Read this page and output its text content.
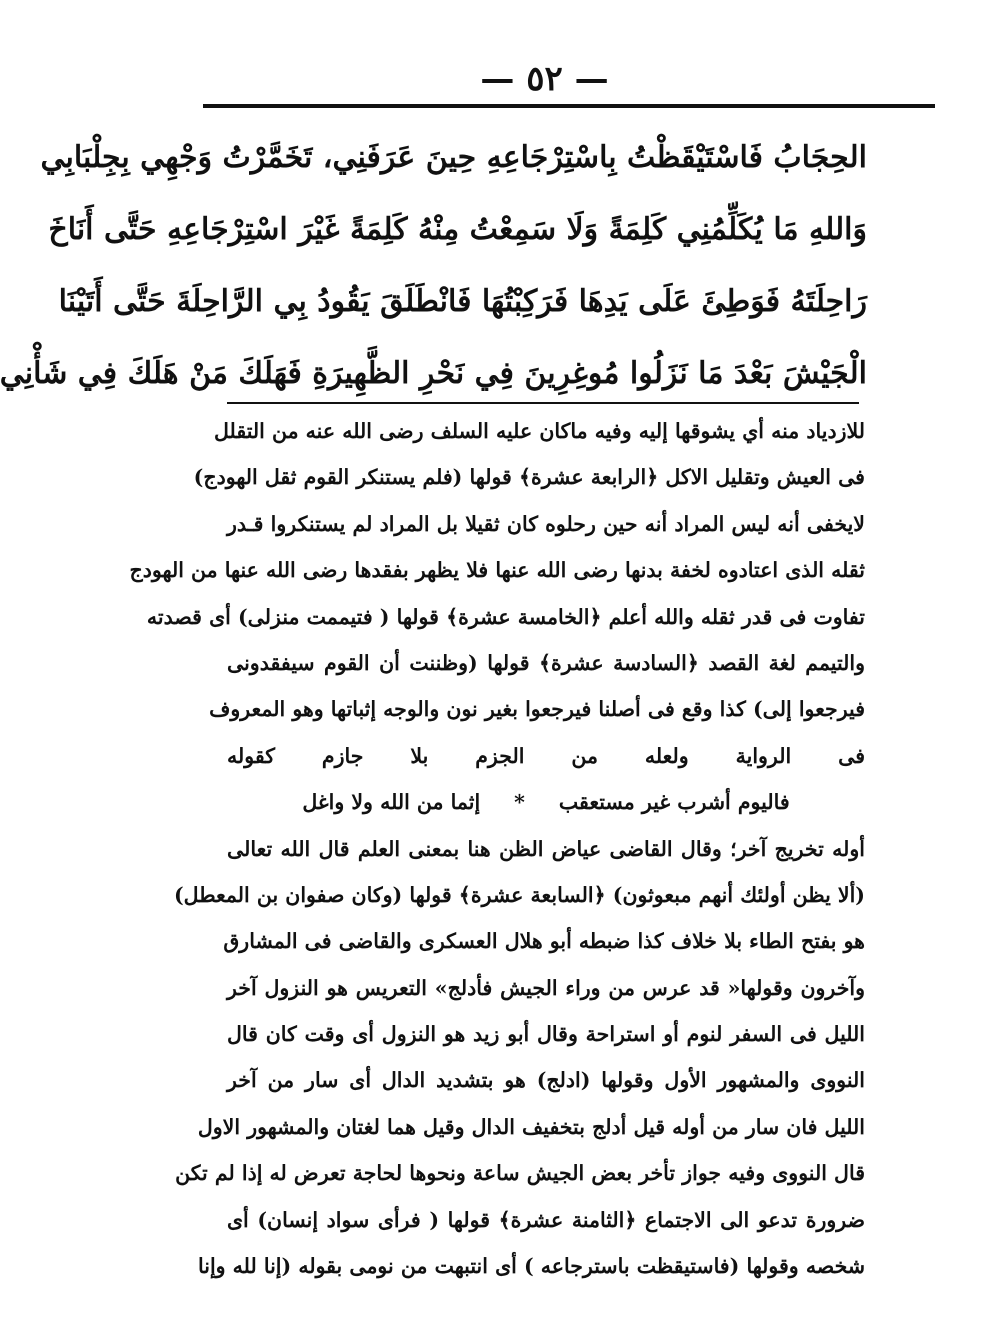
— ٥٢ —
الحِجَابُ فَاسْتَيْقَظْتُ بِاسْتِرْجَاعِهِ حِينَ عَرَفَنِي، تَخَمَّرْتُ وَجْهِي بِجِلْبَابِي
وَاللهِ مَا يُكَلِّمُنِي كَلِمَةً وَلَا سَمِعْتُ مِنْهُ كَلِمَةً غَيْرَ اسْتِرْجَاعِهِ حَتَّى أَنَاخَ
رَاحِلَتَهُ فَوَطِئَ عَلَى يَدِهَا فَرَكِبْتُهَا فَانْطَلَقَ يَقُودُ بِي الرَّاحِلَةَ حَتَّى أَتَيْنَا
الْجَيْشَ بَعْدَ مَا نَزَلُوا مُوغِرِينَ فِي نَحْرِ الظَّهِيرَةِ فَهَلَكَ مَنْ هَلَكَ فِي شَأْنِي
للازدياد منه أي يشوقها إليه وفيه ماكان عليه السلف رضى الله عنه من التقلل
فى العيش وتقليل الاكل ﴿الرابعة عشرة﴾ قولها (فلم يستنكر القوم ثقل الهودج)
لايخفى أنه ليس المراد أنه حين رحلوه كان ثقيلا بل المراد لم يستنكروا قـدر
ثقله الذى اعتادوه لخفة بدنها رضى الله عنها فلا يظهر بفقدها رضى الله عنها من الهودج
تفاوت فى قدر ثقله والله أعلم ﴿الخامسة عشرة﴾ قولها ( فتيممت منزلى) أى قصدته
والتيمم لغة القصد ﴿السادسة عشرة﴾ قولها (وظننت أن القوم سيفقدونى
فيرجعوا إلى) كذا وقع فى أصلنا فيرجعوا بغير نون والوجه إثباتها وهو المعروف
فى الرواية ولعله من الجزم بلا جازم كقوله
فاليوم أشرب غير مستعقب
*
إثما من الله ولا واغل
أوله تخريج آخر؛ وقال القاضى عياض الظن هنا بمعنى العلم قال الله تعالى
(ألا يظن أولئك أنهم مبعوثون) ﴿السابعة عشرة﴾ قولها (وكان صفوان بن المعطل)
هو بفتح الطاء بلا خلاف كذا ضبطه أبو هلال العسكرى والقاضى فى المشارق
وآخرون وقولها« قد عرس من وراء الجيش فأدلج» التعريس هو النزول آخر
الليل فى السفر لنوم أو استراحة وقال أبو زيد هو النزول أى وقت كان قال
النووى والمشهور الأول وقولها (ادلج) هو بتشديد الدال أى سار من آخر
الليل فان سار من أوله قيل أدلج بتخفيف الدال وقيل هما لغتان والمشهور الاول
قال النووى وفيه جواز تأخر بعض الجيش ساعة ونحوها لحاجة تعرض له إذا لم تكن
ضرورة تدعو الى الاجتماع ﴿الثامنة عشرة﴾ قولها ( فرأى سواد إنسان) أى
شخصه وقولها (فاستيقظت باسترجاعه ) أى انتبهت من نومى بقوله (إنا لله وإنا
